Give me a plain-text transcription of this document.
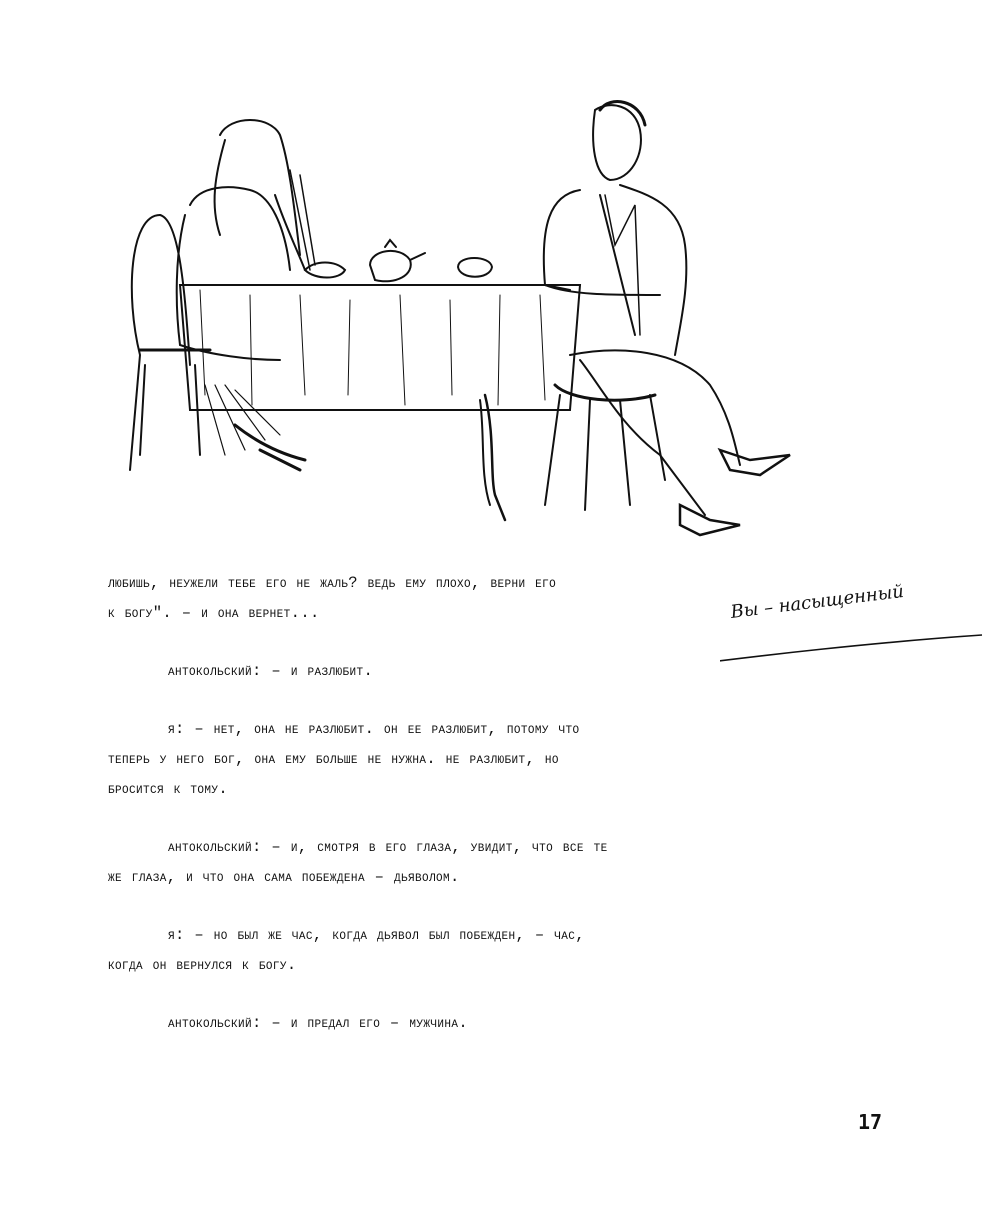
любишь, неужели тебе его не жаль? ведь ему плохо, верни его
к богу". – и она вернет...
антокольский: – и разлюбит.
я: – нет, она не разлюбит. он ее разлюбит, потому что
теперь у него бог, она ему больше не нужна. не разлюбит, но
бросится к тому.
антокольский: – и, смотря в его глаза, увидит, что все те
же глаза, и что она сама побеждена – дьяволом.
я: – но был же час, когда дьявол был побежден, – час,
когда он вернулся к богу.
антокольский: – и предал его – мужчина.
Вы – насыщенный
17
